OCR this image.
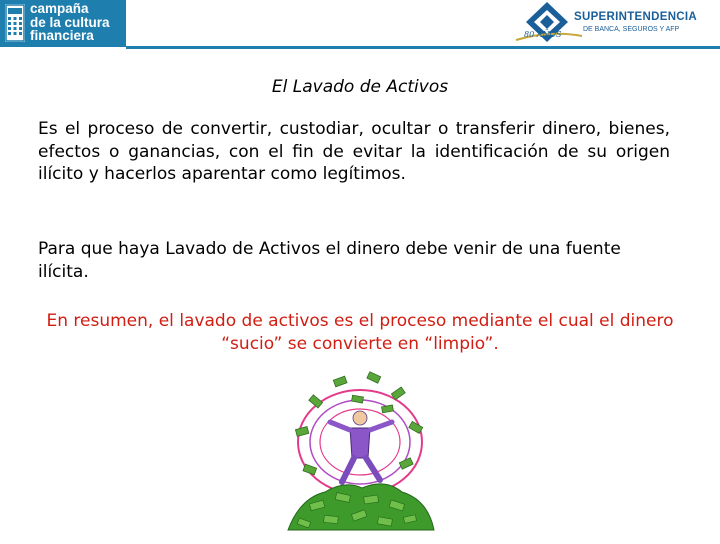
campaña
de la cultura
financiera	80 AÑOS
SUPERINTENDENCIA
DE BANCA, SEGUROS Y AFP
El Lavado de Activos
Es el proceso de convertir, custodiar, ocultar o transferir dinero, bienes, efectos o ganancias, con el fin de evitar la identificación de su origen ilícito y hacerlos aparentar como legítimos.
Para que haya Lavado de Activos el dinero debe venir de una fuente ilícita.
En resumen, el lavado de activos es el proceso mediante el cual el dinero “sucio” se convierte en “limpio”.
